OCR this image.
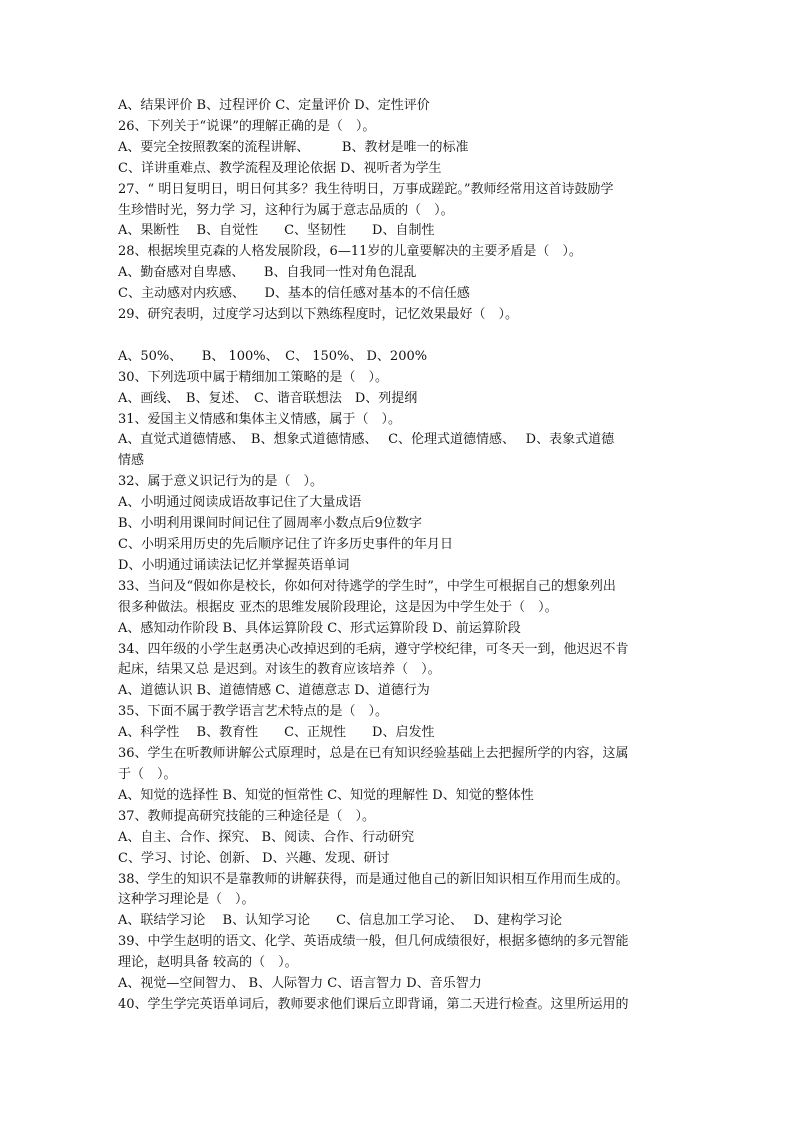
A、结果评价 B、过程评价 C、定量评价 D、定性评价
26、下列关于“说课”的理解正确的是（　）。
A、要完全按照教案的流程讲解、　　　B、教材是唯一的标准
C、详讲重难点、教学流程及理论依据 D、视听者为学生
27、“ 明日复明日，明日何其多？我生待明日，万事成蹉跎。”教师经常用这首诗鼓励学
生珍惜时光，努力学 习，这种行为属于意志品质的（　）。
A、果断性　 B、自觉性　　C、坚韧性　　D、自制性
28、根据埃里克森的人格发展阶段，6—11岁的儿童要解决的主要矛盾是（　）。
A、勤奋感对自卑感、　　B、自我同一性对角色混乱
C、主动感对内疚感、　　D、基本的信任感对基本的不信任感
29、研究表明，过度学习达到以下熟练程度时，记忆效果最好（　）。
A、50%、　　B、 100%、　C、 150%、 D、200%
30、下列选项中属于精细加工策略的是（　）。
A、画线、　B、复述、　C、谐音联想法　D、列提纲
31、爱国主义情感和集体主义情感，属于（　）。
A、直觉式道德情感、　B、想象式道德情感、　 C、伦理式道德情感、　 D、表象式道德
情感
32、属于意义识记行为的是（　）。
A、小明通过阅读成语故事记住了大量成语
B、小明利用课间时间记住了圆周率小数点后9位数字
C、小明采用历史的先后顺序记住了许多历史事件的年月日
D、小明通过诵读法记忆并掌握英语单词
33、当问及“假如你是校长，你如何对待逃学的学生时”，中学生可根据自己的想象列出
很多种做法。根据皮 亚杰的思维发展阶段理论，这是因为中学生处于（　）。
A、感知动作阶段 B、具体运算阶段 C、形式运算阶段 D、前运算阶段
34、四年级的小学生赵勇决心改掉迟到的毛病，遵守学校纪律，可冬天一到，他迟迟不肯
起床，结果又总 是迟到。对该生的教育应该培养（　）。
A、道德认识 B、道德情感 C、道德意志 D、道德行为
35、下面不属于教学语言艺术特点的是（　）。
A、科学性　 B、教育性　　C、正规性　　D、启发性
36、学生在听教师讲解公式原理时，总是在已有知识经验基础上去把握所学的内容，这属
于（　）。
A、知觉的选择性 B、知觉的恒常性 C、知觉的理解性 D、知觉的整体性
37、教师提高研究技能的三种途径是（　）。
A、自主、合作、探究、 B、阅读、合作、行动研究
C、学习、讨论、创新、 D、兴趣、发现、研讨
38、学生的知识不是靠教师的讲解获得，而是通过他自己的新旧知识相互作用而生成的。
这种学习理论是（　）。
A、联结学习论　 B、认知学习论　　C、信息加工学习论、　 D、建构学习论
39、中学生赵明的语文、化学、英语成绩一般，但几何成绩很好，根据多德纳的多元智能
理论，赵明具备 较高的（　）。
A、视觉—空间智力、 B、人际智力 C、语言智力 D、音乐智力
40、学生学完英语单词后，教师要求他们课后立即背诵，第二天进行检查。这里所运用的
